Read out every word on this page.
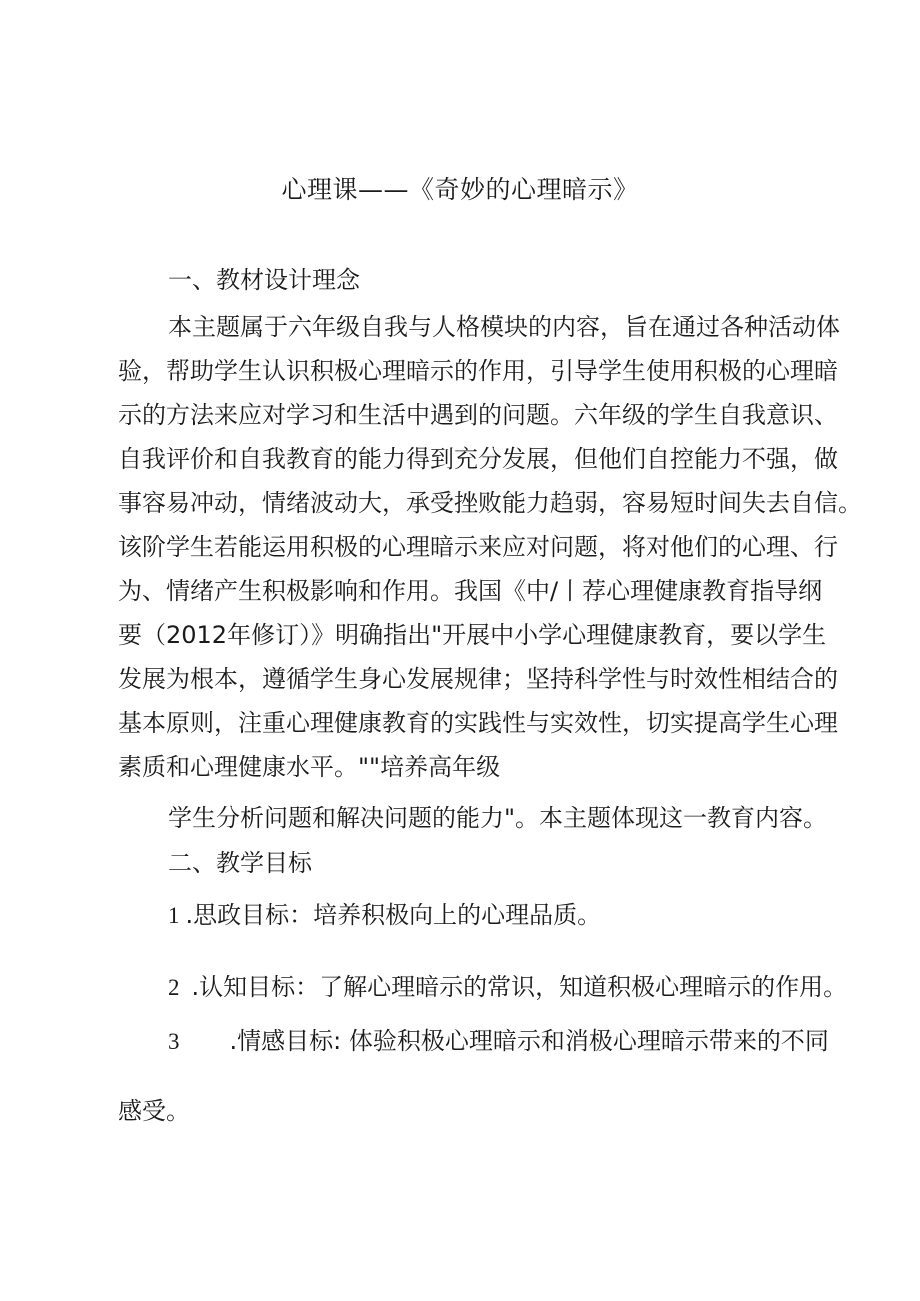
心理课——《奇妙的心理暗示》
一、教材设计理念
本主题属于六年级自我与人格模块的内容，旨在通过各种活动体
验，帮助学生认识积极心理暗示的作用，引导学生使用积极的心理暗
示的方法来应对学习和生活中遇到的问题。六年级的学生自我意识、
自我评价和自我教育的能力得到充分发展，但他们自控能力不强，做
事容易冲动，情绪波动大，承受挫败能力趋弱，容易短时间失去自信。
该阶学生若能运用积极的心理暗示来应对问题，将对他们的心理、行
为、情绪产生积极影响和作用。我国《中/丨荐心理健康教育指导纲
要（2012年修订）》明确指出"开展中小学心理健康教育，要以学生
发展为根本，遵循学生身心发展规律；坚持科学性与时效性相结合的
基本原则，注重心理健康教育的实践性与实效性，切实提高学生心理
素质和心理健康水平。""培养高年级
学生分析问题和解决问题的能力"。本主题体现这一教育内容。
二、教学目标
1 .思政目标：培养积极向上的心理品质。
2 .认知目标：了解心理暗示的常识，知道积极心理暗示的作用。
3 .情感目标: 体验积极心理暗示和消极心理暗示带来的不同
感受。
